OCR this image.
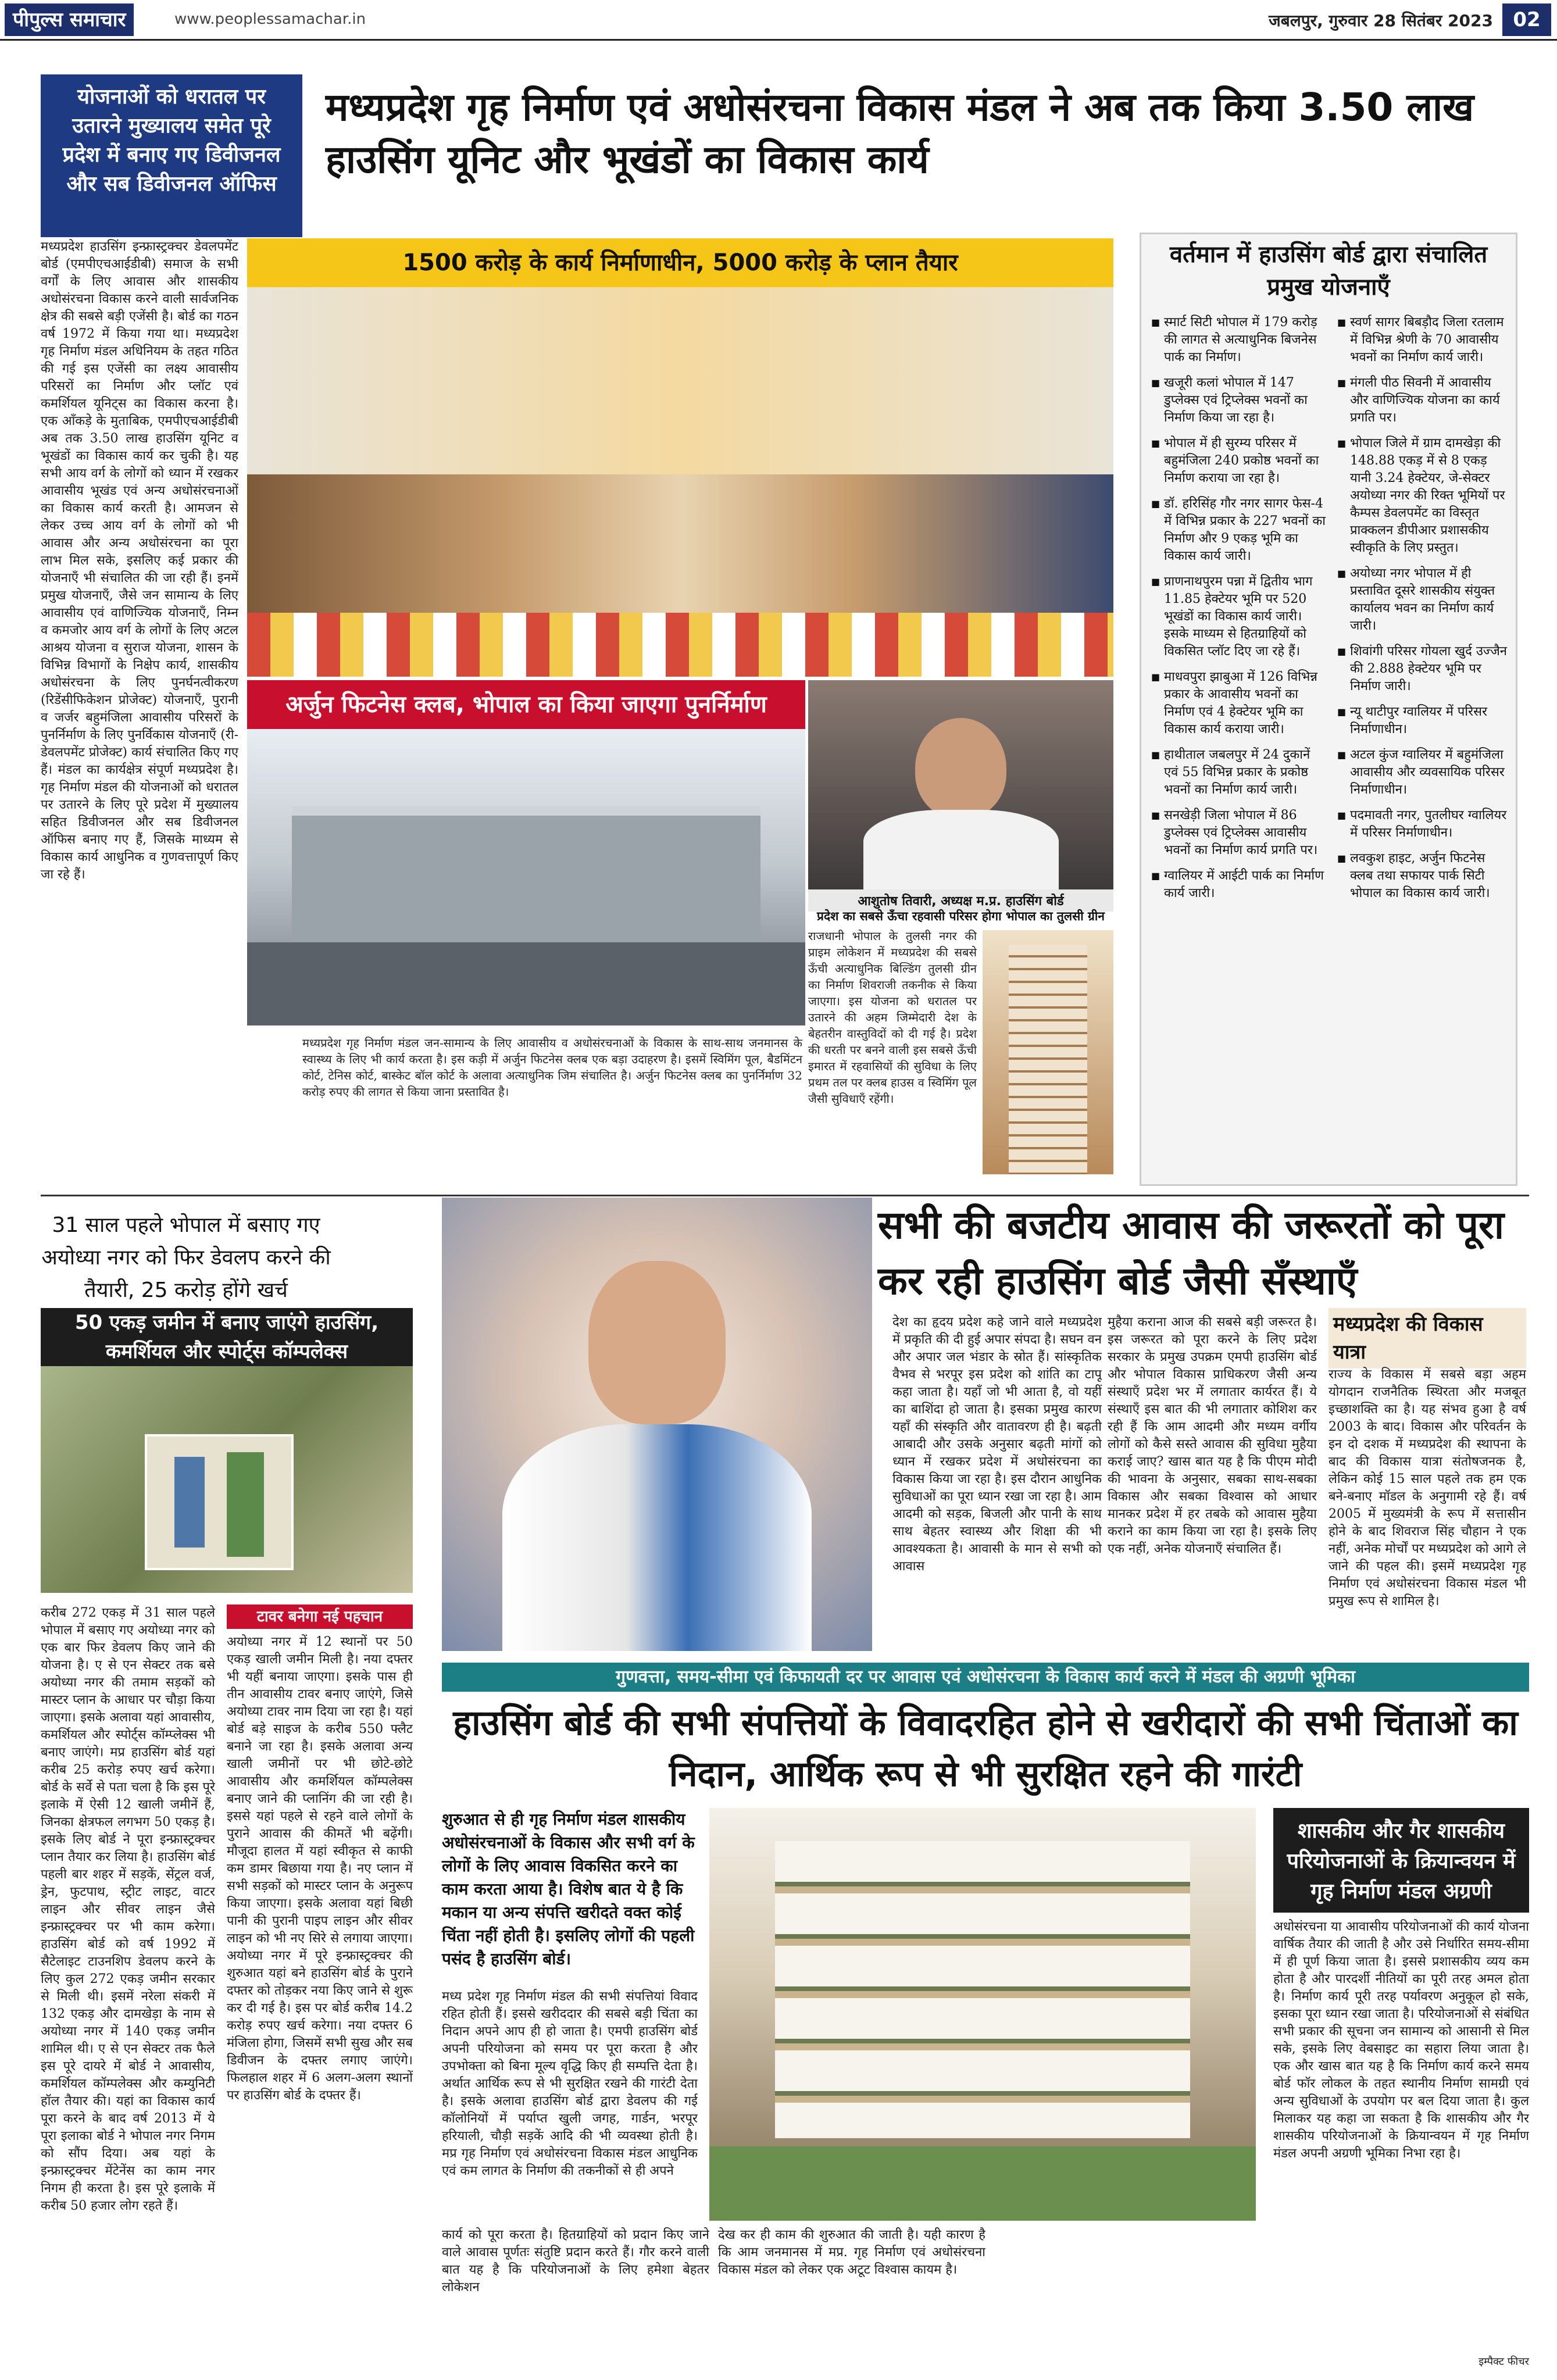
पीपुल्स समाचार	www.peoplessamachar.in	जबलपुर, गुरुवार 28 सितंबर 2023	02
योजनाओं को धरातल पर उतारने मुख्यालय समेत पूरे प्रदेश में बनाए गए डिवीजनल और सब डिवीजनल ऑफिस
मध्यप्रदेश गृह निर्माण एवं अधोसंरचना विकास मंडल ने अब तक किया 3.50 लाख हाउसिंग यूनिट और भूखंडों का विकास कार्य
मध्यप्रदेश हाउसिंग इन्फ्रास्ट्रक्चर डेवलपमेंट बोर्ड (एमपीएचआईडीबी) समाज के सभी वर्गों के लिए आवास और शासकीय अधोसंरचना विकास करने वाली सार्वजनिक क्षेत्र की सबसे बड़ी एजेंसी है। बोर्ड का गठन वर्ष 1972 में किया गया था। मध्यप्रदेश गृह निर्माण मंडल अधिनियम के तहत गठित की गई इस एजेंसी का लक्ष्य आवासीय परिसरों का निर्माण और प्लॉट एवं कमर्शियल यूनिट्स का विकास करना है। एक आँकड़े के मुताबिक, एमपीएचआईडीबी अब तक 3.50 लाख हाउसिंग यूनिट व भूखंडों का विकास कार्य कर चुकी है। यह सभी आय वर्ग के लोगों को ध्यान में रखकर आवासीय भूखंड एवं अन्य अधोसंरचनाओं का विकास कार्य करती है। आमजन से लेकर उच्च आय वर्ग के लोगों को भी आवास और अन्य अधोसंरचना का पूरा लाभ मिल सके, इसलिए कई प्रकार की योजनाएँ भी संचालित की जा रही हैं। इनमें प्रमुख योजनाएँ, जैसे जन सामान्य के लिए आवासीय एवं वाणिज्यिक योजनाएँ, निम्न व कमजोर आय वर्ग के लोगों के लिए अटल आश्रय योजना व सुराज योजना, शासन के विभिन्न विभागों के निक्षेप कार्य, शासकीय अधोसंरचना के लिए पुनर्घनत्वीकरण (रिडेंसीफिकेशन प्रोजेक्ट) योजनाएँ, पुरानी व जर्जर बहुमंजिला आवासीय परिसरों के पुनर्निर्माण के लिए पुनर्विकास योजनाएँ (री-डेवलपमेंट प्रोजेक्ट) कार्य संचालित किए गए हैं। मंडल का कार्यक्षेत्र संपूर्ण मध्यप्रदेश है। गृह निर्माण मंडल की योजनाओं को धरातल पर उतारने के लिए पूरे प्रदेश में मुख्यालय सहित डिवीजनल और सब डिवीजनल ऑफिस बनाए गए हैं, जिसके माध्यम से विकास कार्य आधुनिक व गुणवत्तापूर्ण किए जा रहे हैं।
1500 करोड़ के कार्य निर्माणाधीन, 5000 करोड़ के प्लान तैयार
अर्जुन फिटनेस क्लब, भोपाल का किया जाएगा पुनर्निर्माण
मध्यप्रदेश गृह निर्माण मंडल जन-सामान्य के लिए आवासीय व अधोसंरचनाओं के विकास के साथ-साथ जनमानस के स्वास्थ्य के लिए भी कार्य करता है। इस कड़ी में अर्जुन फिटनेस क्लब एक बड़ा उदाहरण है। इसमें स्विमिंग पूल, बैडमिंटन कोर्ट, टेनिस कोर्ट, बास्केट बॉल कोर्ट के अलावा अत्याधुनिक जिम संचालित है। अर्जुन फिटनेस क्लब का पुनर्निर्माण 32 करोड़ रुपए की लागत से किया जाना प्रस्तावित है।
आशुतोष तिवारी, अध्यक्ष म.प्र. हाउसिंग बोर्ड
प्रदेश का सबसे ऊँचा रहवासी परिसर होगा भोपाल का तुलसी ग्रीन
राजधानी भोपाल के तुलसी नगर की प्राइम लोकेशन में मध्यप्रदेश की सबसे ऊँची अत्याधुनिक बिल्डिंग तुलसी ग्रीन का निर्माण शिवराजी तकनीक से किया जाएगा। इस योजना को धरातल पर उतारने की अहम जिम्मेदारी देश के बेहतरीन वास्तुविदों को दी गई है। प्रदेश की धरती पर बनने वाली इस सबसे ऊँची इमारत में रहवासियों की सुविधा के लिए प्रथम तल पर क्लब हाउस व स्विमिंग पूल जैसी सुविधाएँ रहेंगी।
वर्तमान में हाउसिंग बोर्ड द्वारा संचालित प्रमुख योजनाएँ
■ स्मार्ट सिटी भोपाल में 179 करोड़ की लागत से अत्याधुनिक बिजनेस पार्क का निर्माण।
■ खजूरी कलां भोपाल में 147 डुप्लेक्स एवं ट्रिप्लेक्स भवनों का निर्माण किया जा रहा है।
■ भोपाल में ही सुरम्य परिसर में बहुमंजिला 240 प्रकोष्ठ भवनों का निर्माण कराया जा रहा है।
■ डॉ. हरिसिंह गौर नगर सागर फेस-4 में विभिन्न प्रकार के 227 भवनों का निर्माण और 9 एकड़ भूमि का विकास कार्य जारी।
■ प्राणनाथपुरम पन्ना में द्वितीय भाग 11.85 हेक्टेयर भूमि पर 520 भूखंडों का विकास कार्य जारी। इसके माध्यम से हितग्राहियों को विकसित प्लॉट दिए जा रहे हैं।
■ माधवपुरा झाबुआ में 126 विभिन्न प्रकार के आवासीय भवनों का निर्माण एवं 4 हेक्टेयर भूमि का विकास कार्य कराया जारी।
■ हाथीताल जबलपुर में 24 दुकानें एवं 55 विभिन्न प्रकार के प्रकोष्ठ भवनों का निर्माण कार्य जारी।
■ सनखेड़ी जिला भोपाल में 86 डुप्लेक्स एवं ट्रिप्लेक्स आवासीय भवनों का निर्माण कार्य प्रगति पर।
■ ग्वालियर में आईटी पार्क का निर्माण कार्य जारी।
■ स्वर्ण सागर बिबड़ौद जिला रतलाम में विभिन्न श्रेणी के 70 आवासीय भवनों का निर्माण कार्य जारी।
■ मंगली पीठ सिवनी में आवासीय और वाणिज्यिक योजना का कार्य प्रगति पर।
■ भोपाल जिले में ग्राम दामखेड़ा की 148.88 एकड़ में से 8 एकड़ यानी 3.24 हेक्टेयर, जे-सेक्टर अयोध्या नगर की रिक्त भूमियों पर कैम्पस डेवलपमेंट का विस्तृत प्राक्कलन डीपीआर प्रशासकीय स्वीकृति के लिए प्रस्तुत।
■ अयोध्या नगर भोपाल में ही प्रस्तावित दूसरे शासकीय संयुक्त कार्यालय भवन का निर्माण कार्य जारी।
■ शिवांगी परिसर गोयला खुर्द उज्जैन की 2.888 हेक्टेयर भूमि पर निर्माण जारी।
■ न्यू थाटीपुर ग्वालियर में परिसर निर्माणाधीन।
■ अटल कुंज ग्वालियर में बहुमंजिला आवासीय और व्यवसायिक परिसर निर्माणाधीन।
■ पदमावती नगर, पुतलीघर ग्वालियर में परिसर निर्माणाधीन।
■ लवकुश हाइट, अर्जुन फिटनेस क्लब तथा सफायर पार्क सिटी भोपाल का विकास कार्य जारी।
31 साल पहले भोपाल में बसाए गए अयोध्या नगर को फिर डेवलप करने की तैयारी, 25 करोड़ होंगे खर्च
50 एकड़ जमीन में बनाए जाएंगे हाउसिंग, कमर्शियल और स्पोर्ट्स कॉम्पलेक्स
करीब 272 एकड़ में 31 साल पहले भोपाल में बसाए गए अयोध्या नगर को एक बार फिर डेवलप किए जाने की योजना है। ए से एन सेक्टर तक बसे अयोध्या नगर की तमाम सड़कों को मास्टर प्लान के आधार पर चौड़ा किया जाएगा। इसके अलावा यहां आवासीय, कमर्शियल और स्पोर्ट्स कॉम्प्लेक्स भी बनाए जाएंगे। मप्र हाउसिंग बोर्ड यहां करीब 25 करोड़ रुपए खर्च करेगा। बोर्ड के सर्वे से पता चला है कि इस पूरे इलाके में ऐसी 12 खाली जमीनें हैं, जिनका क्षेत्रफल लगभग 50 एकड़ है। इसके लिए बोर्ड ने पूरा इन्फ्रास्ट्रक्चर प्लान तैयार कर लिया है। हाउसिंग बोर्ड पहली बार शहर में सड़कें, सेंट्रल वर्ज, ड्रेन, फुटपाथ, स्ट्रीट लाइट, वाटर लाइन और सीवर लाइन जैसे इन्फ्रास्ट्रक्चर पर भी काम करेगा। हाउसिंग बोर्ड को वर्ष 1992 में सैटेलाइट टाउनशिप डेवलप करने के लिए कुल 272 एकड़ जमीन सरकार से मिली थी। इसमें नरेला संकरी में 132 एकड़ और दामखेड़ा के नाम से अयोध्या नगर में 140 एकड़ जमीन शामिल थी। ए से एन सेक्टर तक फैले इस पूरे दायरे में बोर्ड ने आवासीय, कमर्शियल कॉम्पलेक्स और कम्युनिटी हॉल तैयार की। यहां का विकास कार्य पूरा करने के बाद वर्ष 2013 में ये पूरा इलाका बोर्ड ने भोपाल नगर निगम को सौंप दिया। अब यहां के इन्फ्रास्ट्रक्चर मेंटेनेंस का काम नगर निगम ही करता है। इस पूरे इलाके में करीब 50 हजार लोग रहते हैं।
टावर बनेगा नई पहचान
अयोध्या नगर में 12 स्थानों पर 50 एकड़ खाली जमीन मिली है। नया दफ्तर भी यहीं बनाया जाएगा। इसके पास ही तीन आवासीय टावर बनाए जाएंगे, जिसे अयोध्या टावर नाम दिया जा रहा है। यहां बोर्ड बड़े साइज के करीब 550 फ्लैट बनाने जा रहा है। इसके अलावा अन्य खाली जमीनों पर भी छोटे-छोटे आवासीय और कमर्शियल कॉम्पलेक्स बनाए जाने की प्लानिंग की जा रही है। इससे यहां पहले से रहने वाले लोगों के पुराने आवास की कीमतें भी बढ़ेंगी। मौजूदा हालत में यहां स्वीकृत से काफी कम डामर बिछाया गया है। नए प्लान में सभी सड़कों को मास्टर प्लान के अनुरूप किया जाएगा। इसके अलावा यहां बिछी पानी की पुरानी पाइप लाइन और सीवर लाइन को भी नए सिरे से लगाया जाएगा। अयोध्या नगर में पूरे इन्फ्रास्ट्रक्चर की शुरुआत यहां बने हाउसिंग बोर्ड के पुराने दफ्तर को तोड़कर नया किए जाने से शुरू कर दी गई है। इस पर बोर्ड करीब 14.2 करोड़ रुपए खर्च करेगा। नया दफ्तर 6 मंजिला होगा, जिसमें सभी सुख और सब डिवीजन के दफ्तर लगाए जाएंगे। फिलहाल शहर में 6 अलग-अलग स्थानों पर हाउसिंग बोर्ड के दफ्तर हैं।
सभी की बजटीय आवास की जरूरतों को पूरा कर रही हाउसिंग बोर्ड जैसी सँस्थाएँ
देश का हृदय प्रदेश कहे जाने वाले मध्यप्रदेश में प्रकृति की दी हुई अपार संपदा है। सघन वन और अपार जल भंडार के स्रोत हैं। सांस्कृतिक वैभव से भरपूर इस प्रदेश को शांति का टापू कहा जाता है। यहाँ जो भी आता है, वो यहीं का बाशिंदा हो जाता है। इसका प्रमुख कारण यहाँ की संस्कृति और वातावरण ही है। बढ़ती आबादी और उसके अनुसार बढ़ती मांगों को ध्यान में रखकर प्रदेश में अधोसंरचना का विकास किया जा रहा है। इस दौरान आधुनिक सुविधाओं का पूरा ध्यान रखा जा रहा है। आम आदमी को सड़क, बिजली और पानी के साथ साथ बेहतर स्वास्थ्य और शिक्षा की भी आवश्यकता है। आवासी के मान से सभी को आवास
मुहैया कराना आज की सबसे बड़ी जरूरत है। इस जरूरत को पूरा करने के लिए प्रदेश सरकार के प्रमुख उपक्रम एमपी हाउसिंग बोर्ड और भोपाल विकास प्राधिकरण जैसी अन्य संस्थाएँ प्रदेश भर में लगातार कार्यरत हैं। ये संस्थाएँ इस बात की भी लगातार कोशिश कर रही हैं कि आम आदमी और मध्यम वर्गीय लोगों को कैसे सस्ते आवास की सुविधा मुहैया कराई जाए? खास बात यह है कि पीएम मोदी की भावना के अनुसार, सबका साथ-सबका विकास और सबका विश्वास को आधार मानकर प्रदेश में हर तबके को आवास मुहैया कराने का काम किया जा रहा है। इसके लिए एक नहीं, अनेक योजनाएँ संचालित हैं।
मध्यप्रदेश की विकास यात्रा
राज्य के विकास में सबसे बड़ा अहम योगदान राजनैतिक स्थिरता और मजबूत इच्छाशक्ति का है। यह संभव हुआ है वर्ष 2003 के बाद। विकास और परिवर्तन के इन दो दशक में मध्यप्रदेश की स्थापना के बाद की विकास यात्रा संतोषजनक है, लेकिन कोई 15 साल पहले तक हम एक बने-बनाए मॉडल के अनुगामी रहे हैं। वर्ष 2005 में मुख्यमंत्री के रूप में सत्तासीन होने के बाद शिवराज सिंह चौहान ने एक नहीं, अनेक मोर्चों पर मध्यप्रदेश को आगे ले जाने की पहल की। इसमें मध्यप्रदेश गृह निर्माण एवं अधोसंरचना विकास मंडल भी प्रमुख रूप से शामिल है।
गुणवत्ता, समय-सीमा एवं किफायती दर पर आवास एवं अधोसंरचना के विकास कार्य करने में मंडल की अग्रणी भूमिका
हाउसिंग बोर्ड की सभी संपत्तियों के विवादरहित होने से खरीदारों की सभी चिंताओं का निदान, आर्थिक रूप से भी सुरक्षित रहने की गारंटी
शुरुआत से ही गृह निर्माण मंडल शासकीय अधोसंरचनाओं के विकास और सभी वर्ग के लोगों के लिए आवास विकसित करने का काम करता आया है। विशेष बात ये है कि मकान या अन्य संपत्ति खरीदते वक्त कोई चिंता नहीं होती है। इसलिए लोगों की पहली पसंद है हाउसिंग बोर्ड।
मध्य प्रदेश गृह निर्माण मंडल की सभी संपत्तियां विवाद रहित होती हैं। इससे खरीददार की सबसे बड़ी चिंता का निदान अपने आप ही हो जाता है। एमपी हाउसिंग बोर्ड अपनी परियोजना को समय पर पूरा करता है और उपभोक्ता को बिना मूल्य वृद्धि किए ही सम्पत्ति देता है। अर्थात आर्थिक रूप से भी सुरक्षित रखने की गारंटी देता है। इसके अलावा हाउसिंग बोर्ड द्वारा डेवलप की गई कॉलोनियों में पर्याप्त खुली जगह, गार्डन, भरपूर हरियाली, चौड़ी सड़कें आदि की भी व्यवस्था होती है। मप्र गृह निर्माण एवं अधोसंरचना विकास मंडल आधुनिक एवं कम लागत के निर्माण की तकनीकों से ही अपने
कार्य को पूरा करता है। हितग्राहियों को प्रदान किए जाने वाले आवास पूर्णतः संतुष्टि प्रदान करते हैं। गौर करने वाली बात यह है कि परियोजनाओं के लिए हमेशा बेहतर लोकेशन
देख कर ही काम की शुरुआत की जाती है। यही कारण है कि आम जनमानस में मप्र. गृह निर्माण एवं अधोसंरचना विकास मंडल को लेकर एक अटूट विश्वास कायम है।
शासकीय और गैर शासकीय परियोजनाओं के क्रियान्वयन में गृह निर्माण मंडल अग्रणी
अधोसंरचना या आवासीय परियोजनाओं की कार्य योजना वार्षिक तैयार की जाती है और उसे निर्धारित समय-सीमा में ही पूर्ण किया जाता है। इससे प्रशासकीय व्यय कम होता है और पारदर्शी नीतियों का पूरी तरह अमल होता है। निर्माण कार्य पूरी तरह पर्यावरण अनुकूल हो सके, इसका पूरा ध्यान रखा जाता है। परियोजनाओं से संबंधित सभी प्रकार की सूचना जन सामान्य को आसानी से मिल सके, इसके लिए वेबसाइट का सहारा लिया जाता है। एक और खास बात यह है कि निर्माण कार्य करने समय बोर्ड फॉर लोकल के तहत स्थानीय निर्माण सामग्री एवं अन्य सुविधाओं के उपयोग पर बल दिया जाता है। कुल मिलाकर यह कहा जा सकता है कि शासकीय और गैर शासकीय परियोजनाओं के क्रियान्वयन में गृह निर्माण मंडल अपनी अग्रणी भूमिका निभा रहा है।
इम्पैक्ट फीचर
